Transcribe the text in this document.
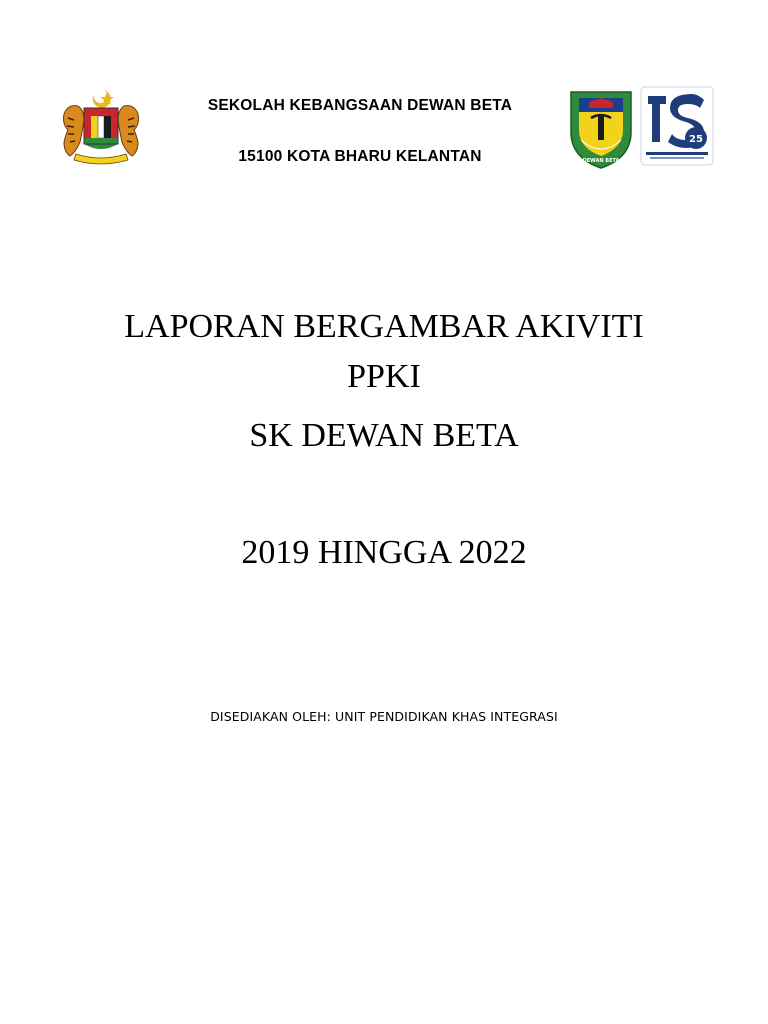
SEKOLAH KEBANGSAAN DEWAN BETA
15100 KOTA BHARU KELANTAN	DEWAN BETA
25
LAPORAN BERGAMBAR AKIVITI
PPKI
SK DEWAN BETA
2019 HINGGA 2022
DISEDIAKAN OLEH: UNIT PENDIDIKAN KHAS INTEGRASI
